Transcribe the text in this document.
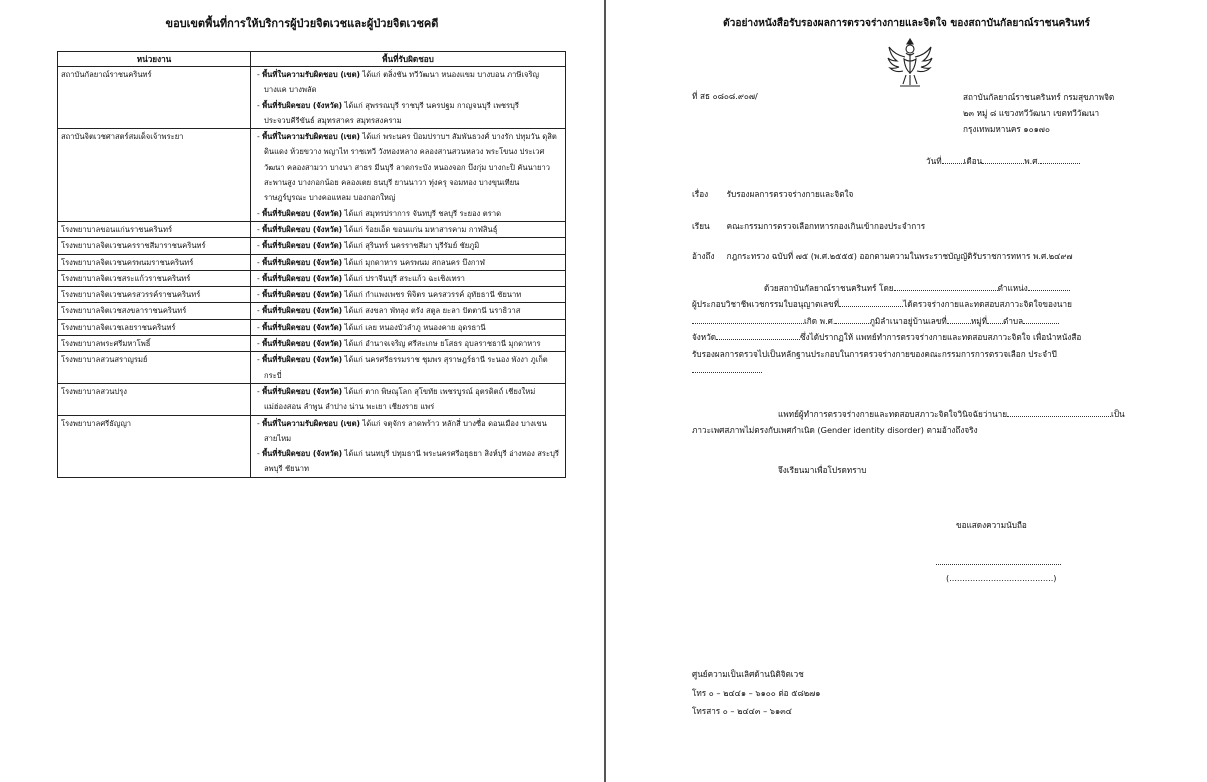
ขอบเขตพื้นที่การให้บริการผู้ป่วยจิตเวชและผู้ป่วยจิตเวชคดี
หน่วยงาน	พื้นที่รับผิดชอบ
สถาบันกัลยาณ์ราชนครินทร์	- พื้นที่ในความรับผิดชอบ (เขต) ได้แก่ ตลิ่งชัน ทวีวัฒนา หนองแขม บางบอน ภาษีเจริญ บางแค บางพลัด
- พื้นที่รับผิดชอบ (จังหวัด) ได้แก่ สุพรรณบุรี ราชบุรี นครปฐม กาญจนบุรี เพชรบุรี ประจวบคีรีขันธ์ สมุทรสาคร สมุทรสงคราม

สถาบันจิตเวชศาสตร์สมเด็จเจ้าพระยา	- พื้นที่ในความรับผิดชอบ (เขต) ได้แก่ พระนคร ป้อมปราบฯ สัมพันธวงศ์ บางรัก ปทุมวัน ดุสิต ดินแดง ห้วยขวาง พญาไท ราชเทวี วังทองหลาง คลองสานสวนหลวง พระโขนง ประเวศ วัฒนา คลองสามวา บางนา สาธร มีนบุรี ลาดกระบัง หนองจอก บึงกุ่ม บางกะปิ คันนายาว สะพานสูง บางกอกน้อย คลองเตย ธนบุรี ยานนาวา ทุ่งครุ จอมทอง บางขุนเทียน ราษฎร์บูรณะ บางคอแหลม บองกอกใหญ่
- พื้นที่รับผิดชอบ (จังหวัด) ได้แก่ สมุทรปราการ จันทบุรี ชลบุรี ระยอง ตราด

โรงพยาบาลขอนแก่นราชนครินทร์	- พื้นที่รับผิดชอบ (จังหวัด) ได้แก่ ร้อยเอ็ด ขอนแก่น มหาสารคาม กาฬสินธุ์

โรงพยาบาลจิตเวชนครราชสีมาราชนครินทร์	- พื้นที่รับผิดชอบ (จังหวัด) ได้แก่ สุรินทร์ นครราชสีมา บุรีรัมย์ ชัยภูมิ

โรงพยาบาลจิตเวชนครพนมราชนครินทร์	- พื้นที่รับผิดชอบ (จังหวัด) ได้แก่ มุกดาหาร นครพนม สกลนคร บึงกาฬ

โรงพยาบาลจิตเวชสระแก้วราชนครินทร์	- พื้นที่รับผิดชอบ (จังหวัด) ได้แก่ ปราจีนบุรี สระแก้ว ฉะเชิงเทรา

โรงพยาบาลจิตเวชนครสวรรค์ราชนครินทร์	- พื้นที่รับผิดชอบ (จังหวัด) ได้แก่ กำแพงเพชร พิจิตร นครสวรรค์ อุทัยธานี ชัยนาท

โรงพยาบาลจิตเวชสงขลาราชนครินทร์	- พื้นที่รับผิดชอบ (จังหวัด) ได้แก่ สงขลา พัทลุง ตรัง สตูล ยะลา ปัตตานี นราธิวาส

โรงพยาบาลจิตเวชเลยราชนครินทร์	- พื้นที่รับผิดชอบ (จังหวัด) ได้แก่ เลย หนองบัวลำภู หนองคาย อุดรธานี

โรงพยาบาลพระศรีมหาโพธิ์	- พื้นที่รับผิดชอบ (จังหวัด) ได้แก่ อำนาจเจริญ ศรีสะเกษ ยโสธร อุบลราชธานี มุกดาหาร

โรงพยาบาลสวนสราญรมย์	- พื้นที่รับผิดชอบ (จังหวัด) ได้แก่ นครศรีธรรมราช ชุมพร สุราษฎร์ธานี ระนอง พังงา ภูเก็ต กระบี่

โรงพยาบาลสวนปรุง	- พื้นที่รับผิดชอบ (จังหวัด) ได้แก่ ตาก พิษณุโลก สุโขทัย เพชรบูรณ์ อุตรดิตถ์ เชียงใหม่ แม่ฮ่องสอน ลำพูน ลำปาง น่าน พะเยา เชียงราย แพร่

โรงพยาบาลศรีธัญญา	- พื้นที่ในความรับผิดชอบ (เขต) ได้แก่ จตุจักร ลาดพร้าว หลักสี่ บางซื่อ ดอนเมือง บางเขน สายไหม
- พื้นที่รับผิดชอบ (จังหวัด) ได้แก่ นนทบุรี ปทุมธานี พระนครศรีอยุธยา สิงห์บุรี อ่างทอง สระบุรี ลพบุรี ชัยนาท
ตัวอย่างหนังสือรับรองผลการตรวจร่างกายและจิตใจ ของสถาบันกัลยาณ์ราชนครินทร์
ที่ สธ ๐๘๐๘.๙๐๗/	สถาบันกัลยาณ์ราชนครินทร์ กรมสุขภาพจิต
๒๓ หมู่ ๘ แขวงทวีวัฒนา เขตทวีวัฒนา
กรุงเทพมหานคร ๑๐๑๗๐
วันที่	เดือน	พ.ศ.
เรื่อง รับรองผลการตรวจร่างกายและจิตใจ
เรียน คณะกรรมการตรวจเลือกทหารกองเกินเข้ากองประจำการ
อ้างถึง กฎกระทรวง ฉบับที่ ๗๕ (พ.ศ.๒๕๕๕) ออกตามความในพระราชบัญญัติรับราชการทหาร พ.ศ.๒๔๙๗
ด้วยสถาบันกัลยาณ์ราชนครินทร์ โดย	ตำแหน่ง
ผู้ประกอบวิชาชีพเวชกรรมใบอนุญาตเลขที่	ได้ตรวจร่างกายและทดสอบสภาวะจิตใจของนาย
เกิด พ.ศ.	ภูมิลำเนาอยู่บ้านเลขที่	หมู่ที่ ตำบล
จังหวัด	ซึ่งได้ปรากฏให้ แพทย์ทำการตรวจร่างกายและทดสอบสภาวะจิตใจ เพื่อนำหนังสือ
รับรองผลการตรวจไปเป็นหลักฐานประกอบในการตรวจร่างกายของคณะกรรมการการตรวจเลือก ประจำปี
แพทย์ผู้ทำการตรวจร่างกายและทดสอบสภาวะจิตใจวินิจฉัยว่านาย	เป็น
ภาวะเพศสภาพไม่ตรงกับเพศกำเนิด (Gender identity disorder) ตามอ้างถึงจริง
จึงเรียนมาเพื่อโปรดทราบ
ขอแสดงความนับถือ
(........................................)
ศูนย์ความเป็นเลิศด้านนิติจิตเวช
โทร ๐ – ๒๔๔๑ – ๖๑๐๐ ต่อ ๕๘๒๗๑
โทรสาร ๐ – ๒๔๔๓ – ๖๑๓๔
